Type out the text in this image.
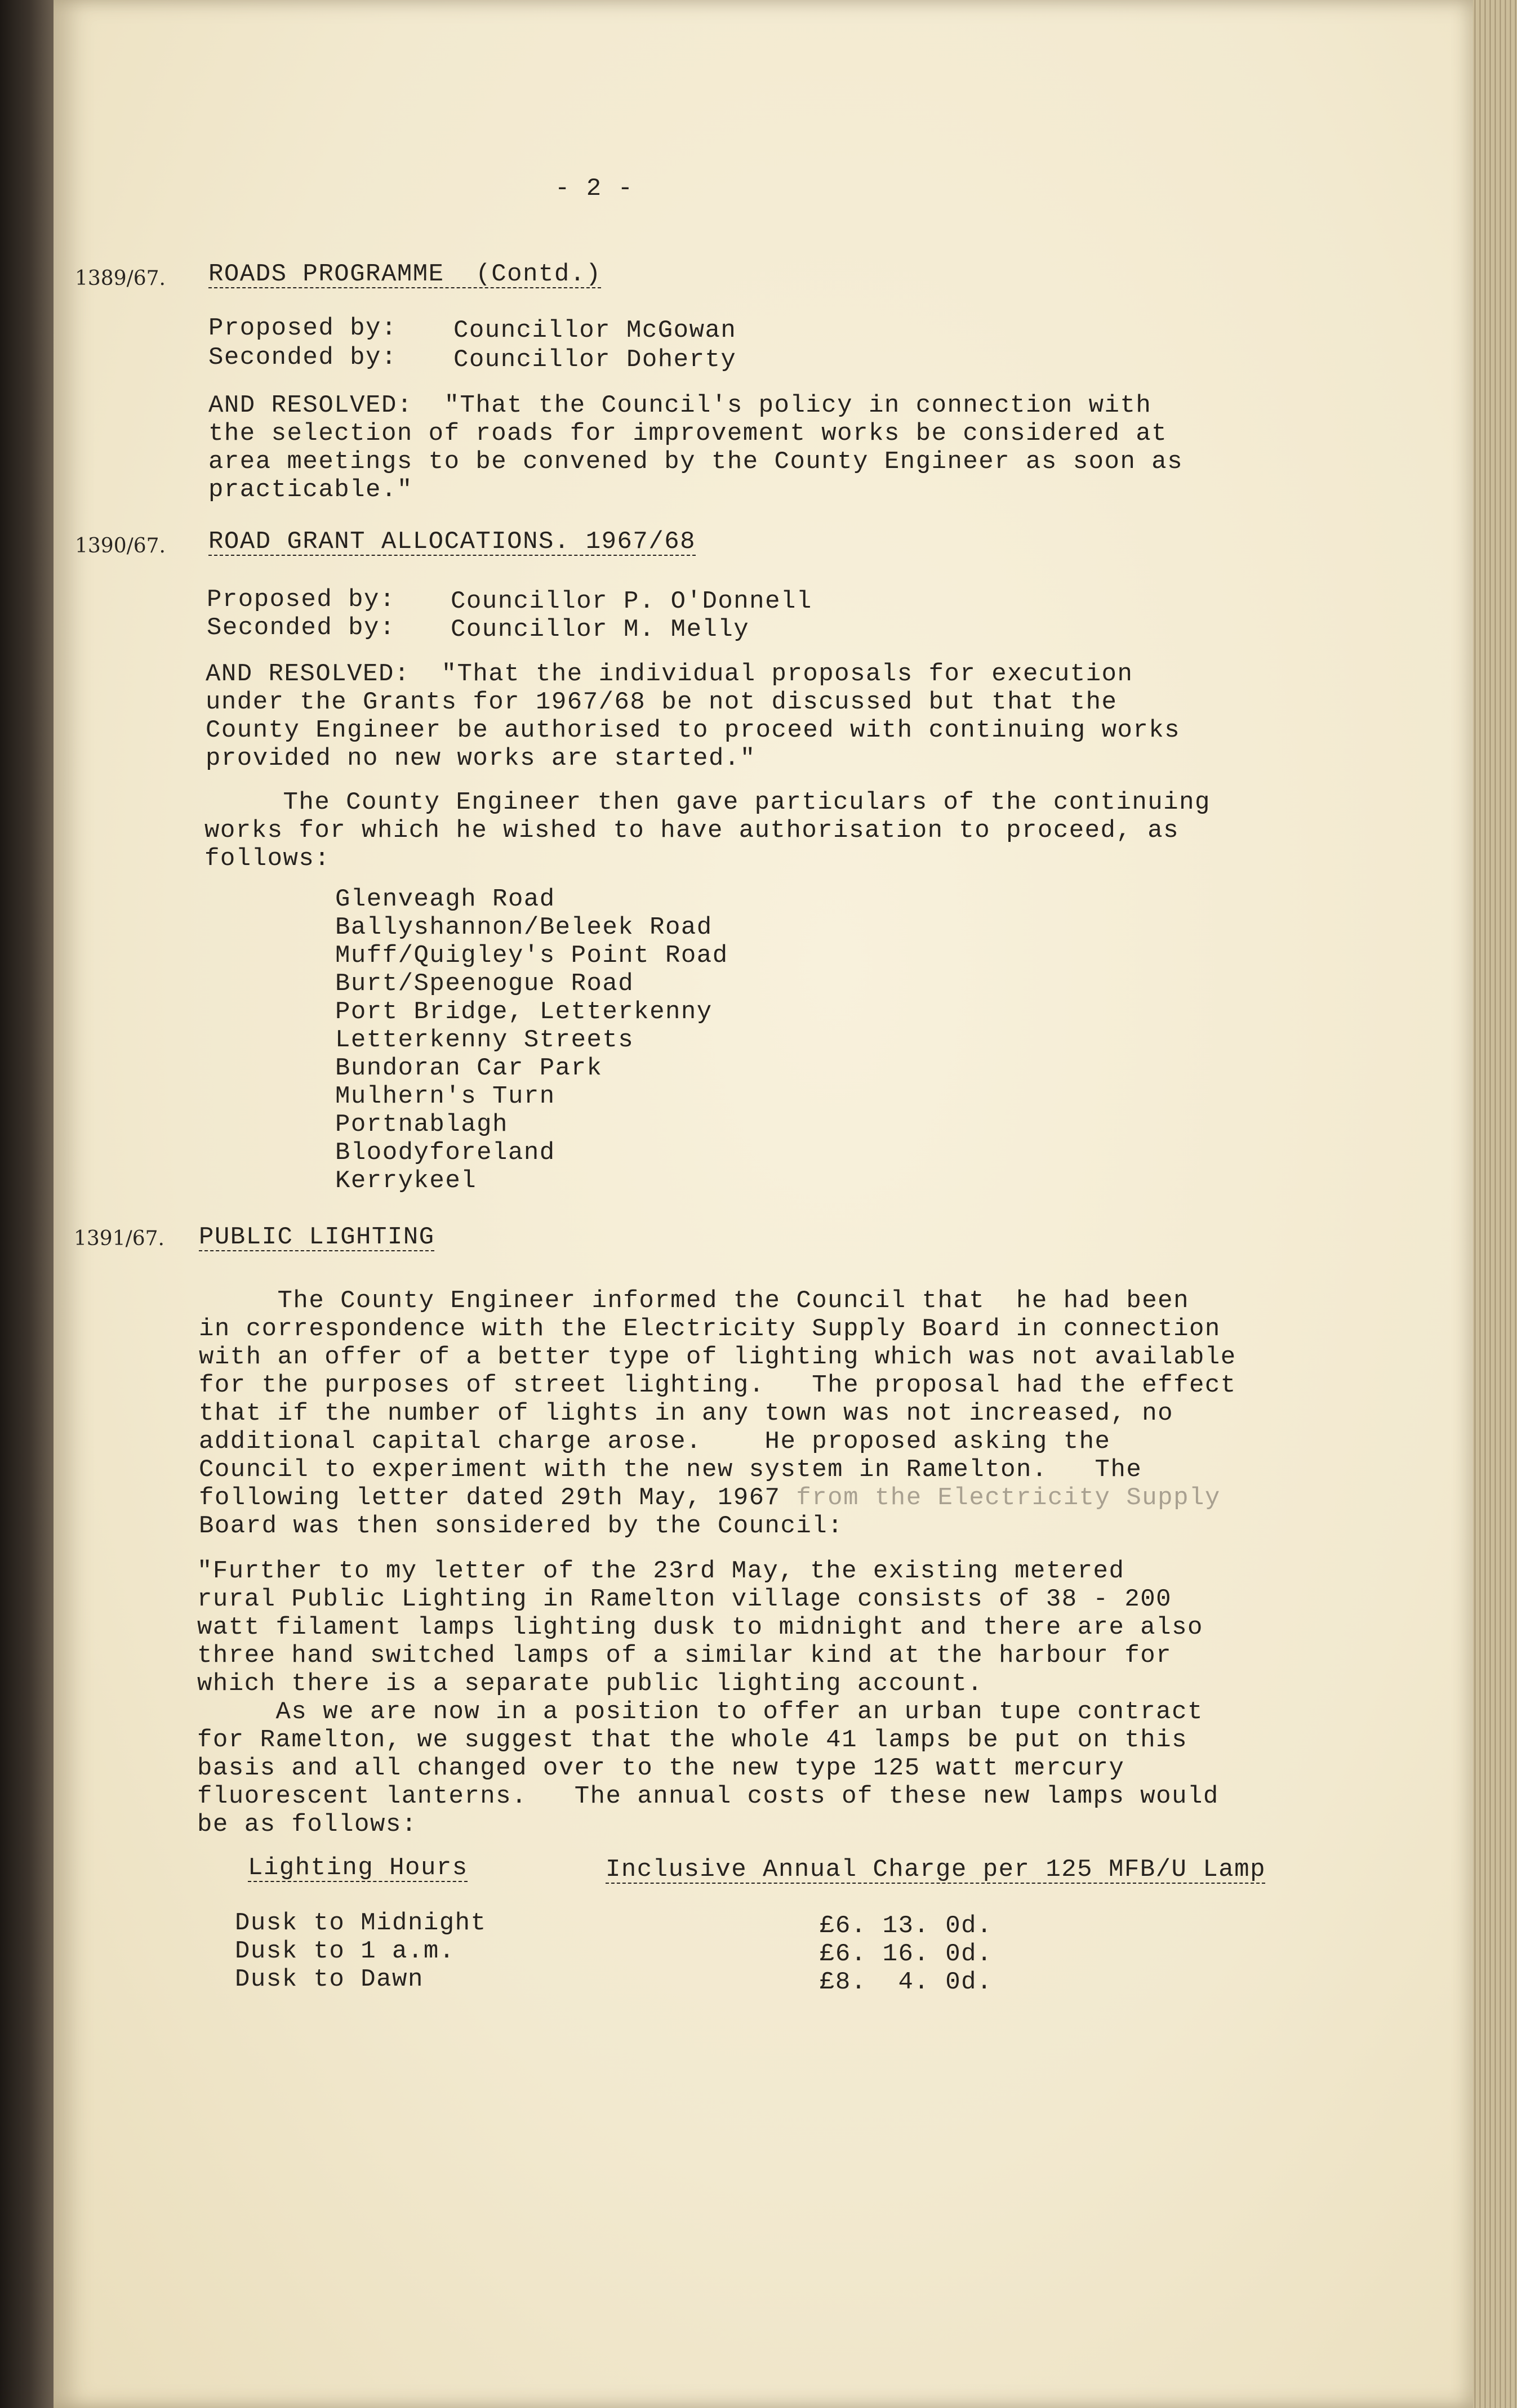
- 2 -
1389/67. ROADS PROGRAMME  (Contd.)
Proposed by: Councillor McGowan
Seconded by: Councillor Doherty
AND RESOLVED:  "That the Council's policy in connection with
the selection of roads for improvement works be considered at
area meetings to be convened by the County Engineer as soon as
practicable."
1390/67. ROAD GRANT ALLOCATIONS. 1967/68
Proposed by: Councillor P. O'Donnell
Seconded by: Councillor M. Melly
AND RESOLVED:  "That the individual proposals for execution
under the Grants for 1967/68 be not discussed but that the
County Engineer be authorised to proceed with continuing works
provided no new works are started."
The County Engineer then gave particulars of the continuing
works for which he wished to have authorisation to proceed, as
follows:
Glenveagh Road
Ballyshannon/Beleek Road
Muff/Quigley's Point Road
Burt/Speenogue Road
Port Bridge, Letterkenny
Letterkenny Streets
Bundoran Car Park
Mulhern's Turn
Portnablagh
Bloodyforeland
Kerrykeel
1391/67. PUBLIC LIGHTING
The County Engineer informed the Council that  he had been
in correspondence with the Electricity Supply Board in connection
with an offer of a better type of lighting which was not available
for the purposes of street lighting.   The proposal had the effect
that if the number of lights in any town was not increased, no
additional capital charge arose.    He proposed asking the
Council to experiment with the new system in Ramelton.   The
following letter dated 29th May, 1967 from the Electricity Supply
Board was then sonsidered by the Council:
"Further to my letter of the 23rd May, the existing metered
rural Public Lighting in Ramelton village consists of 38 - 200
watt filament lamps lighting dusk to midnight and there are also
three hand switched lamps of a similar kind at the harbour for
which there is a separate public lighting account.
As we are now in a position to offer an urban tupe contract
for Ramelton, we suggest that the whole 41 lamps be put on this
basis and all changed over to the new type 125 watt mercury
fluorescent lanterns.   The annual costs of these new lamps would
be as follows:
Lighting Hours	Inclusive Annual Charge per 125 MFB/U Lamp
Dusk to Midnight	£6. 13. 0d.
Dusk to 1 a.m.	£6. 16. 0d.
Dusk to Dawn	£8.  4. 0d.
